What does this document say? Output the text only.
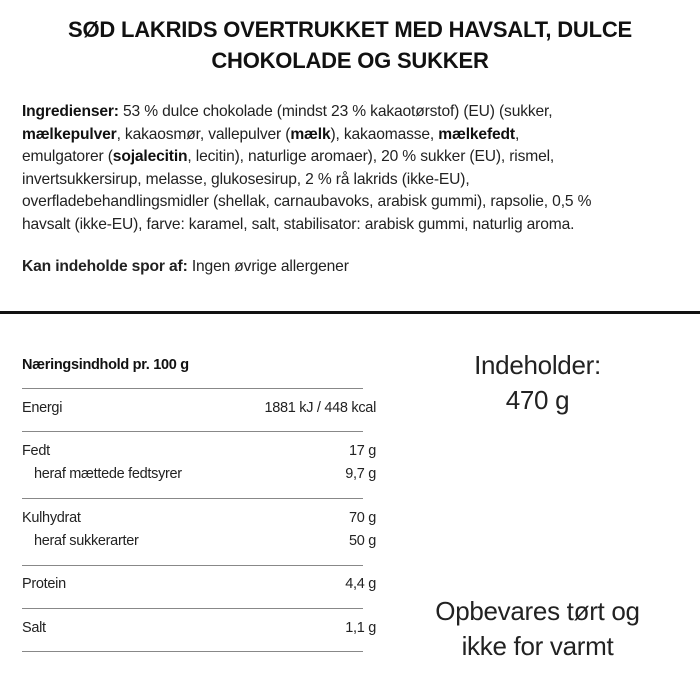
SØD LAKRIDS OVERTRUKKET MED HAVSALT, DULCE
CHOKOLADE OG SUKKER
Ingredienser: 53 % dulce chokolade (mindst 23 % kakaotørstof) (EU) (sukker,
mælkepulver, kakaosmør, vallepulver (mælk), kakaomasse, mælkefedt,
emulgatorer (sojalecitin, lecitin), naturlige aromaer), 20 % sukker (EU), rismel,
invertsukkersirup, melasse, glukosesirup, 2 % rå lakrids (ikke-EU),
overfladebehandlingsmidler (shellak, carnaubavoks, arabisk gummi), rapsolie, 0,5 %
havsalt (ikke-EU), farve: karamel, salt, stabilisator: arabisk gummi, naturlig aroma.
Kan indeholde spor af: Ingen øvrige allergener
Næringsindhold pr. 100 g
Energi	1881 kJ / 448 kcal
Fedt	17 g
heraf mættede fedtsyrer	9,7 g
Kulhydrat	70 g
heraf sukkerarter	50 g
Protein	4,4 g
Salt	1,1 g
Indeholder:
470 g
Opbevares tørt og
ikke for varmt
